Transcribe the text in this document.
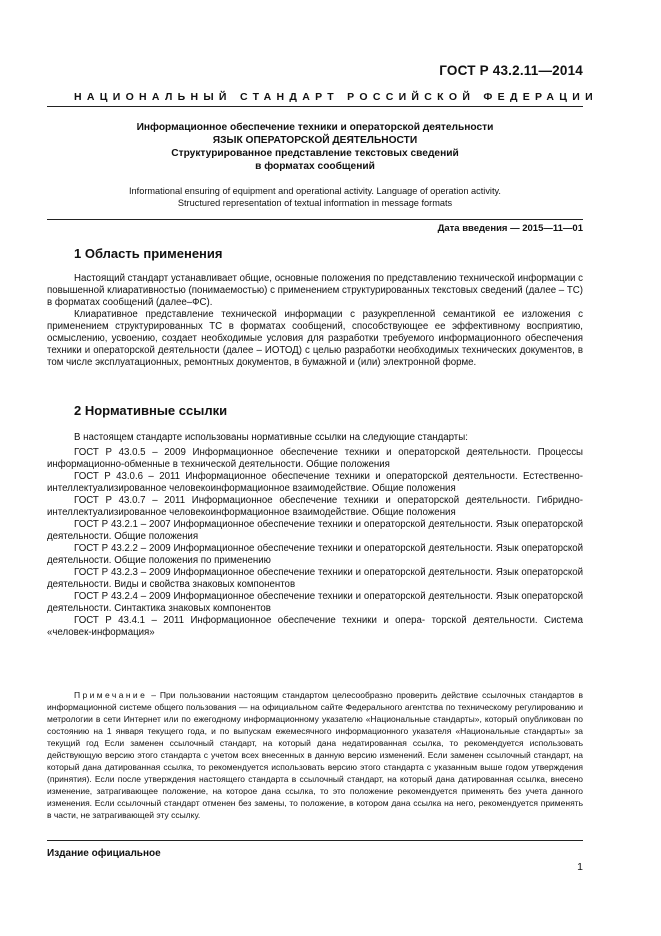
ГОСТ Р 43.2.11—2014
НАЦИОНАЛЬНЫЙ СТАНДАРТ РОССИЙСКОЙ ФЕДЕРАЦИИ
Информационное обеспечение техники и операторской деятельности
ЯЗЫК ОПЕРАТОРСКОЙ ДЕЯТЕЛЬНОСТИ
Структурированное представление текстовых сведений
в форматах сообщений
Informational ensuring of equipment and operational activity. Language of operation activity.
Structured representation of textual information in message formats
Дата введения — 2015—11—01
1 Область применения

Настоящий стандарт устанавливает общие, основные положения по представлению технической информации с повышенной клиаративностью (понимаемостью) с применением структурированных текстовых сведений (далее – ТС) в форматах сообщений (далее–ФС).

Клиаративное представление технической информации с разукрепленной семантикой ее изложения с применением структурированных ТС в форматах сообщений, способствующее ее эффективному восприятию, осмыслению, усвоению, создает необходимые условия для разработки требуемого информационного обеспечения техники и операторской деятельности (далее – ИОТОД) с целью разработки необходимых технических документов, в том числе эксплуатационных, ремонтных документов, в бумажной и (или) электронной форме.

2 Нормативные ссылки

В настоящем стандарте использованы нормативные ссылки на следующие стандарты:

ГОСТ Р 43.0.5 – 2009 Информационное обеспечение техники и операторской деятельности. Процессы информационно-обменные в технической деятельности. Общие положения

ГОСТ Р 43.0.6 – 2011 Информационное обеспечение техники и операторской деятельности. Естественно-интеллектуализированное человекоинформационное взаимодействие. Общие положения

ГОСТ Р 43.0.7 – 2011 Информационное обеспечение техники и операторской деятельности. Гибридно-интеллектуализированное человекоинформационное взаимодействие. Общие положения

ГОСТ Р 43.2.1 – 2007 Информационное обеспечение техники и операторской деятельности. Язык операторской деятельности. Общие положения

ГОСТ Р 43.2.2 – 2009 Информационное обеспечение техники и операторской деятельности. Язык операторской деятельности. Общие положения по применению

ГОСТ Р 43.2.3 – 2009 Информационное обеспечение техники и операторской деятельности. Язык операторской деятельности. Виды и свойства знаковых компонентов

ГОСТ Р 43.2.4 – 2009 Информационное обеспечение техники и операторской деятельности. Язык операторской деятельности. Синтактика знаковых компонентов

ГОСТ Р 43.4.1 – 2011 Информационное обеспечение техники и опера- торской деятельности. Система «человек-информация»

Примечание – При пользовании настоящим стандартом целесообразно проверить действие ссылочных стандартов в информационной системе общего пользования — на официальном сайте Федерального агентства по техническому регулированию и метрологии в сети Интернет или по ежегодному информационному указателю «Национальные стандарты», который опубликован по состоянию на 1 января текущего года, и по выпускам ежемесячного информационного указателя «Национальные стандарты» за текущий год Если заменен ссылочный стандарт, на который дана недатированная ссылка, то рекомендуется использовать действующую версию этого стандарта с учетом всех внесенных в данную версию изменений. Если заменен ссылочный стандарт, на который дана датированная ссылка, то рекомендуется использовать версию этого стандарта с указанным выше годом утверждения (принятия). Если после утверждения настоящего стандарта в ссылочный стандарт, на который дана датированная ссылка, внесено изменение, затрагивающее положение, на которое дана ссылка, то это положение рекомендуется применять без учета данного изменения. Если ссылочный стандарт отменен без замены, то положение, в котором дана ссылка на него, рекомендуется применять в части, не затрагивающей эту ссылку.

Издание официальное
1
